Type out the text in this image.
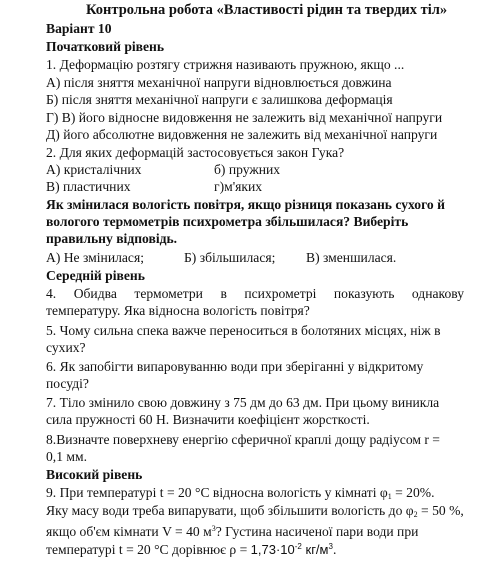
Контрольна робота «Властивості рідин та твердих тіл»
Варіант 10
Початковий рівень
1. Деформацію розтягу стрижня називають пружною, якщо ...
А) після зняття механічної напруги відновлюється довжина
Б) після зняття механічної напруги є залишкова деформація
Г) В) його відносне видовження не залежить від механічної напруги
Д) його абсолютне видовження не залежить від механічної напруги
2. Для яких деформацій застосовується закон Гука?
А) кристалічних	б) пружних
В) пластичних	г)м'яких
Як змінилася вологість повітря, якщо різниця показань сухого й
вологого термометрів психрометра збільшилася? Виберіть
правильну відповідь.
А) Не змінилася;	Б) збільшилася; В) зменшилася.
Середній рівень
4. Обидва термометри в психрометрі показують однакову
температуру. Яка відносна вологість повітря?
5. Чому сильна спека важче переноситься в болотяних місцях, ніж в
сухих?
6. Як запобігти випаровуванню води при зберіганні у відкритому
посуді?
7. Тіло змінило свою довжину з 75 дм до 63 дм. При цьому виникла
сила пружності 60 Н. Визначити коефіцієнт жорсткості.
8.Визначте поверхневу енергію сферичної краплі дощу радіусом r =
0,1 мм.
Високий рівень
9. При температурі t = 20 °С відносна вологість у кімнаті $\varphi_1 = 20\%$.
Яку масу води треба випарувати, щоб збільшити вологість до $\varphi_2 = 50$ %,
якщо об'єм кімнати V = 40 $м^3$? Густина насиченої пари води при
температурі t = 20 °С дорівнює $\rho = 1,73\cdot 10^{-2}$ $кг/м^3$.
